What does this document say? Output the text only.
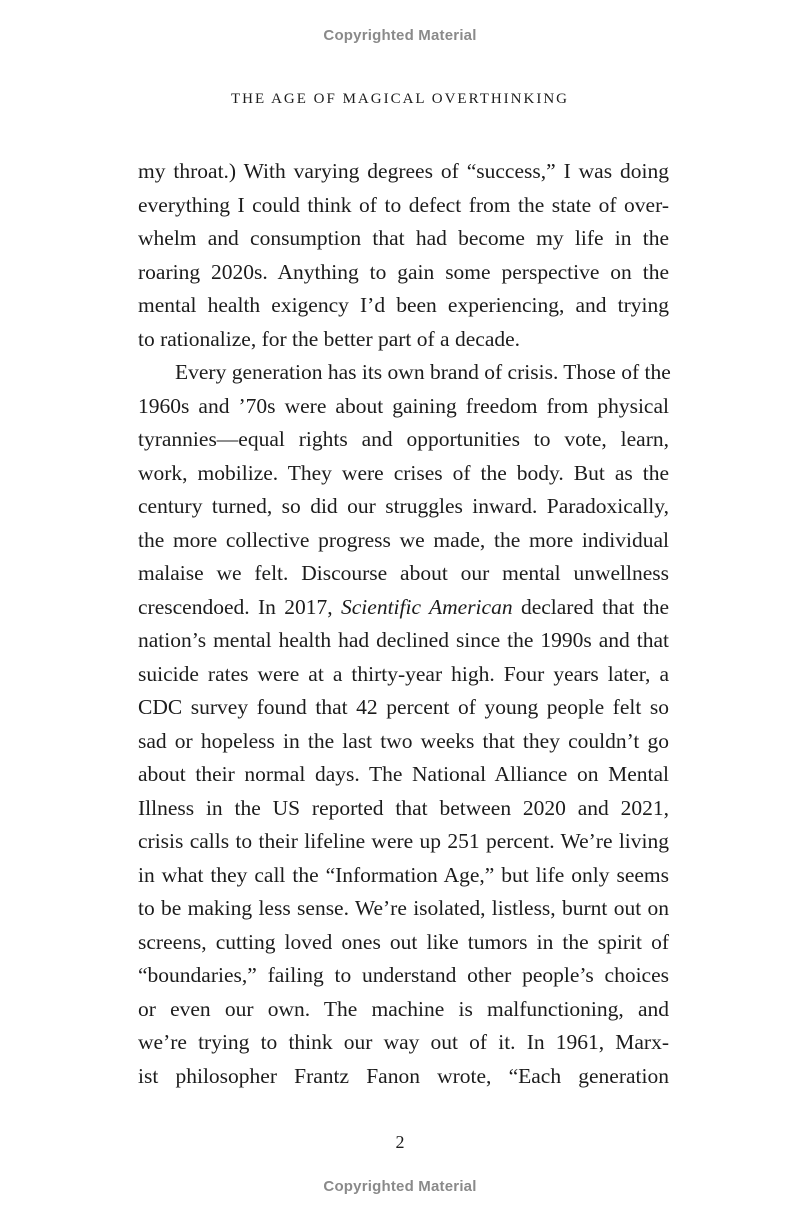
Copyrighted Material
THE AGE OF MAGICAL OVERTHINKING
my throat.) With varying degrees of “success,” I was doing
everything I could think of to defect from the state of over-
whelm and consumption that had become my life in the
roaring 2020s. Anything to gain some perspective on the
mental health exigency I’d been experiencing, and trying
to rationalize, for the better part of a decade.
Every generation has its own brand of crisis. Those of the
1960s and ’70s were about gaining freedom from physical
tyrannies—equal rights and opportunities to vote, learn,
work, mobilize. They were crises of the body. But as the
century turned, so did our struggles inward. Paradoxically,
the more collective progress we made, the more individual
malaise we felt. Discourse about our mental unwellness
crescendoed. In 2017, Scientific American declared that the
nation’s mental health had declined since the 1990s and that
suicide rates were at a thirty-year high. Four years later, a
CDC survey found that 42 percent of young people felt so
sad or hopeless in the last two weeks that they couldn’t go
about their normal days. The National Alliance on Mental
Illness in the US reported that between 2020 and 2021,
crisis calls to their lifeline were up 251 percent. We’re living
in what they call the “Information Age,” but life only seems
to be making less sense. We’re isolated, listless, burnt out on
screens, cutting loved ones out like tumors in the spirit of
“boundaries,” failing to understand other people’s choices
or even our own. The machine is malfunctioning, and
we’re trying to think our way out of it. In 1961, Marx-
ist philosopher Frantz Fanon wrote, “Each generation
2
Copyrighted Material
